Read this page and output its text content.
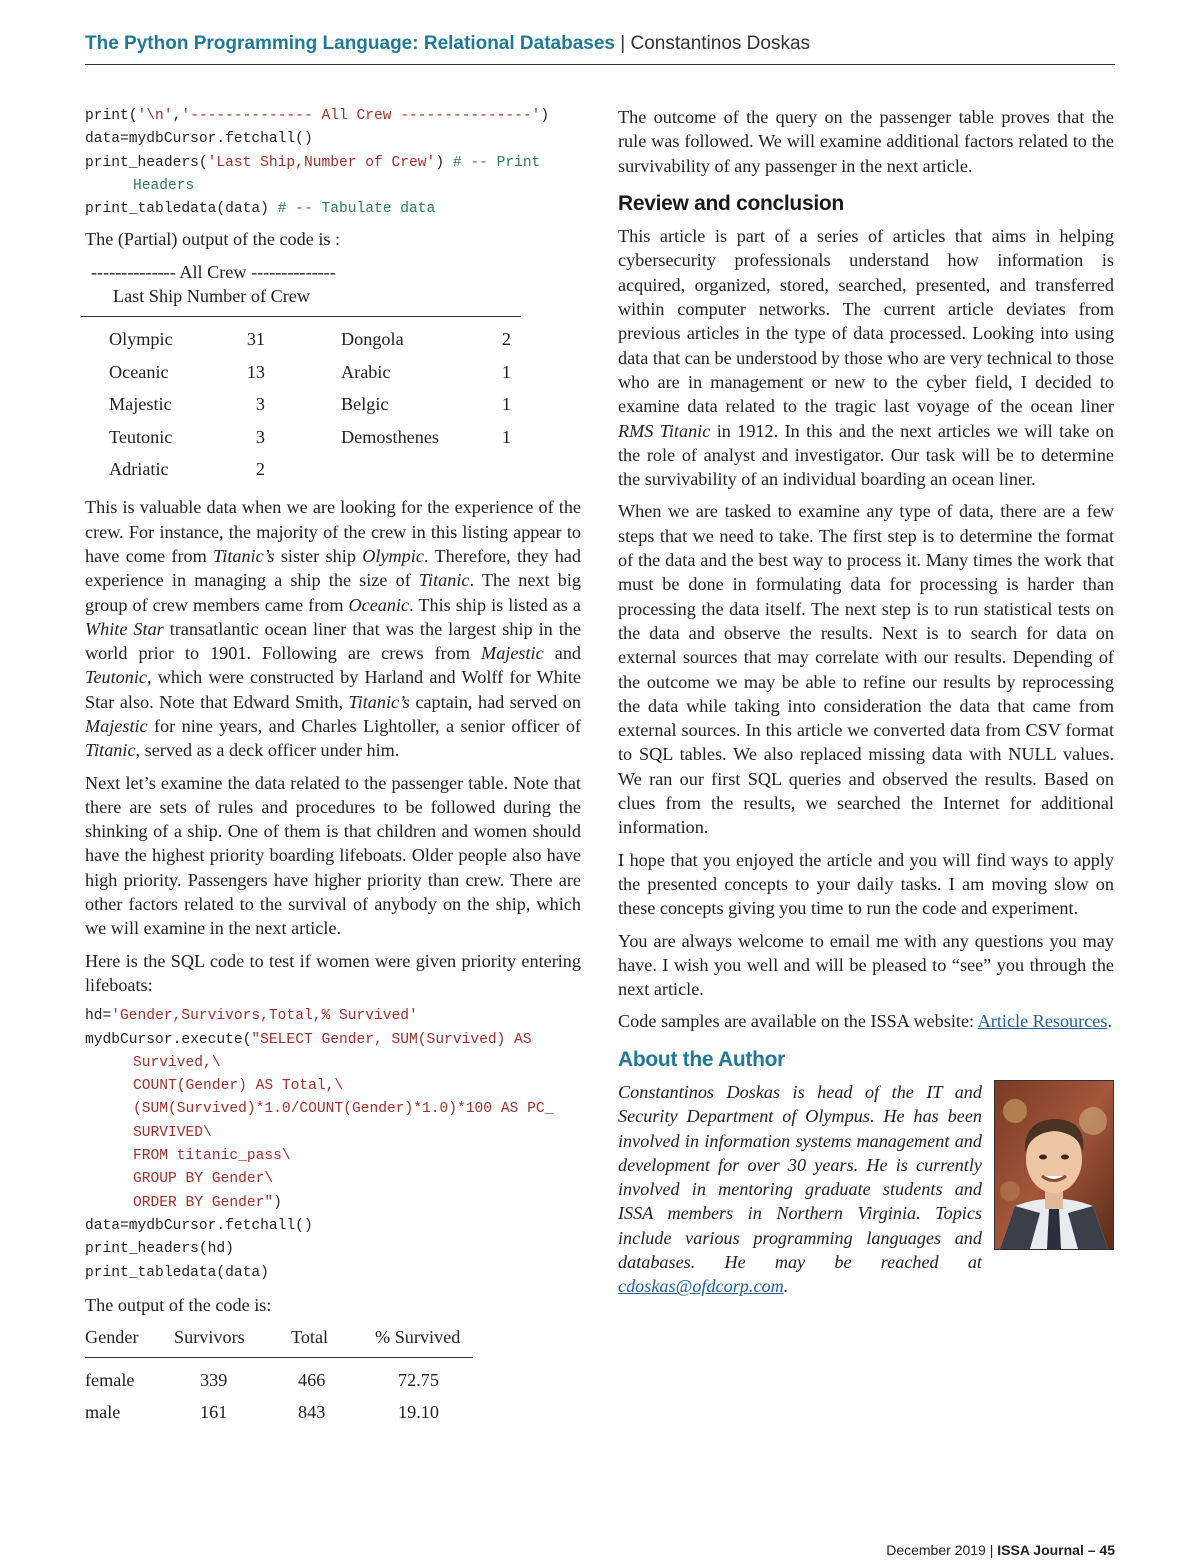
The Python Programming Language: Relational Databases | Constantinos Doskas
print('\n','-------------- All Crew ---------------')
data=mydbCursor.fetchall()
print_headers('Last Ship,Number of Crew') # -- Print
Headers
print_tabledata(data) # -- Tabulate data

The (Partial) output of the code is :

-------------- All Crew --------------
Last Ship Number of Crew
Olympic	31		Dongola	2
Oceanic	13		Arabic	1
Majestic	3		Belgic	1
Teutonic	3		Demosthenes	1
Adriatic	2			

This is valuable data when we are looking for the experience of the crew. For instance, the majority of the crew in this listing appear to have come from Titanic’s sister ship Olympic. Therefore, they had experience in managing a ship the size of Titanic. The next big group of crew members came from Oceanic. This ship is listed as a White Star transatlantic ocean liner that was the largest ship in the world prior to 1901. Following are crews from Majestic and Teutonic, which were constructed by Harland and Wolff for White Star also. Note that Edward Smith, Titanic’s captain, had served on Majestic for nine years, and Charles Lightoller, a senior officer of Titanic, served as a deck officer under him.

Next let’s examine the data related to the passenger table. Note that there are sets of rules and procedures to be followed during the shinking of a ship. One of them is that children and women should have the highest priority boarding lifeboats. Older people also have high priority. Passengers have higher priority than crew. There are other factors related to the survival of anybody on the ship, which we will examine in the next article.

Here is the SQL code to test if women were given priority entering lifeboats:

hd='Gender,Survivors,Total,% Survived'
mydbCursor.execute("SELECT Gender, SUM(Survived) AS
Survived,\
COUNT(Gender) AS Total,\
(SUM(Survived)*1.0/COUNT(Gender)*1.0)*100 AS PC_
SURVIVED\
FROM titanic_pass\
GROUP BY Gender\
ORDER BY Gender")
data=mydbCursor.fetchall()
print_headers(hd)
print_tabledata(data)

The output of the code is:

Gender	Survivors	Total	% Survived
female	339	466	72.75
male	161	843	19.10

The outcome of the query on the passenger table proves that the rule was followed. We will examine additional factors related to the survivability of any passenger in the next article.

Review and conclusion

This article is part of a series of articles that aims in helping cybersecurity professionals understand how information is acquired, organized, stored, searched, presented, and transferred within computer networks. The current article deviates from previous articles in the type of data processed. Looking into using data that can be understood by those who are very technical to those who are in management or new to the cyber field, I decided to examine data related to the tragic last voyage of the ocean liner RMS Titanic in 1912. In this and the next articles we will take on the role of analyst and investigator. Our task will be to determine the survivability of an individual boarding an ocean liner.

When we are tasked to examine any type of data, there are a few steps that we need to take. The first step is to determine the format of the data and the best way to process it. Many times the work that must be done in formulating data for processing is harder than processing the data itself. The next step is to run statistical tests on the data and observe the results. Next is to search for data on external sources that may correlate with our results. Depending of the outcome we may be able to refine our results by reprocessing the data while taking into consideration the data that came from external sources. In this article we converted data from CSV format to SQL tables. We also replaced missing data with NULL values. We ran our first SQL queries and observed the results. Based on clues from the results, we searched the Internet for additional information.

I hope that you enjoyed the article and you will find ways to apply the presented concepts to your daily tasks. I am moving slow on these concepts giving you time to run the code and experiment.

You are always welcome to email me with any questions you may have. I wish you well and will be pleased to “see” you through the next article.

Code samples are available on the ISSA website: Article Resources.

About the Author

Constantinos Doskas is head of the IT and Security Department of Olympus. He has been involved in information systems management and development for over 30 years. He is currently involved in mentoring graduate students and ISSA members in Northern Virginia. Topics include various programming languages and databases. He may be reached at cdoskas@ofdcorp.com.

December 2019 | ISSA Journal – 45
